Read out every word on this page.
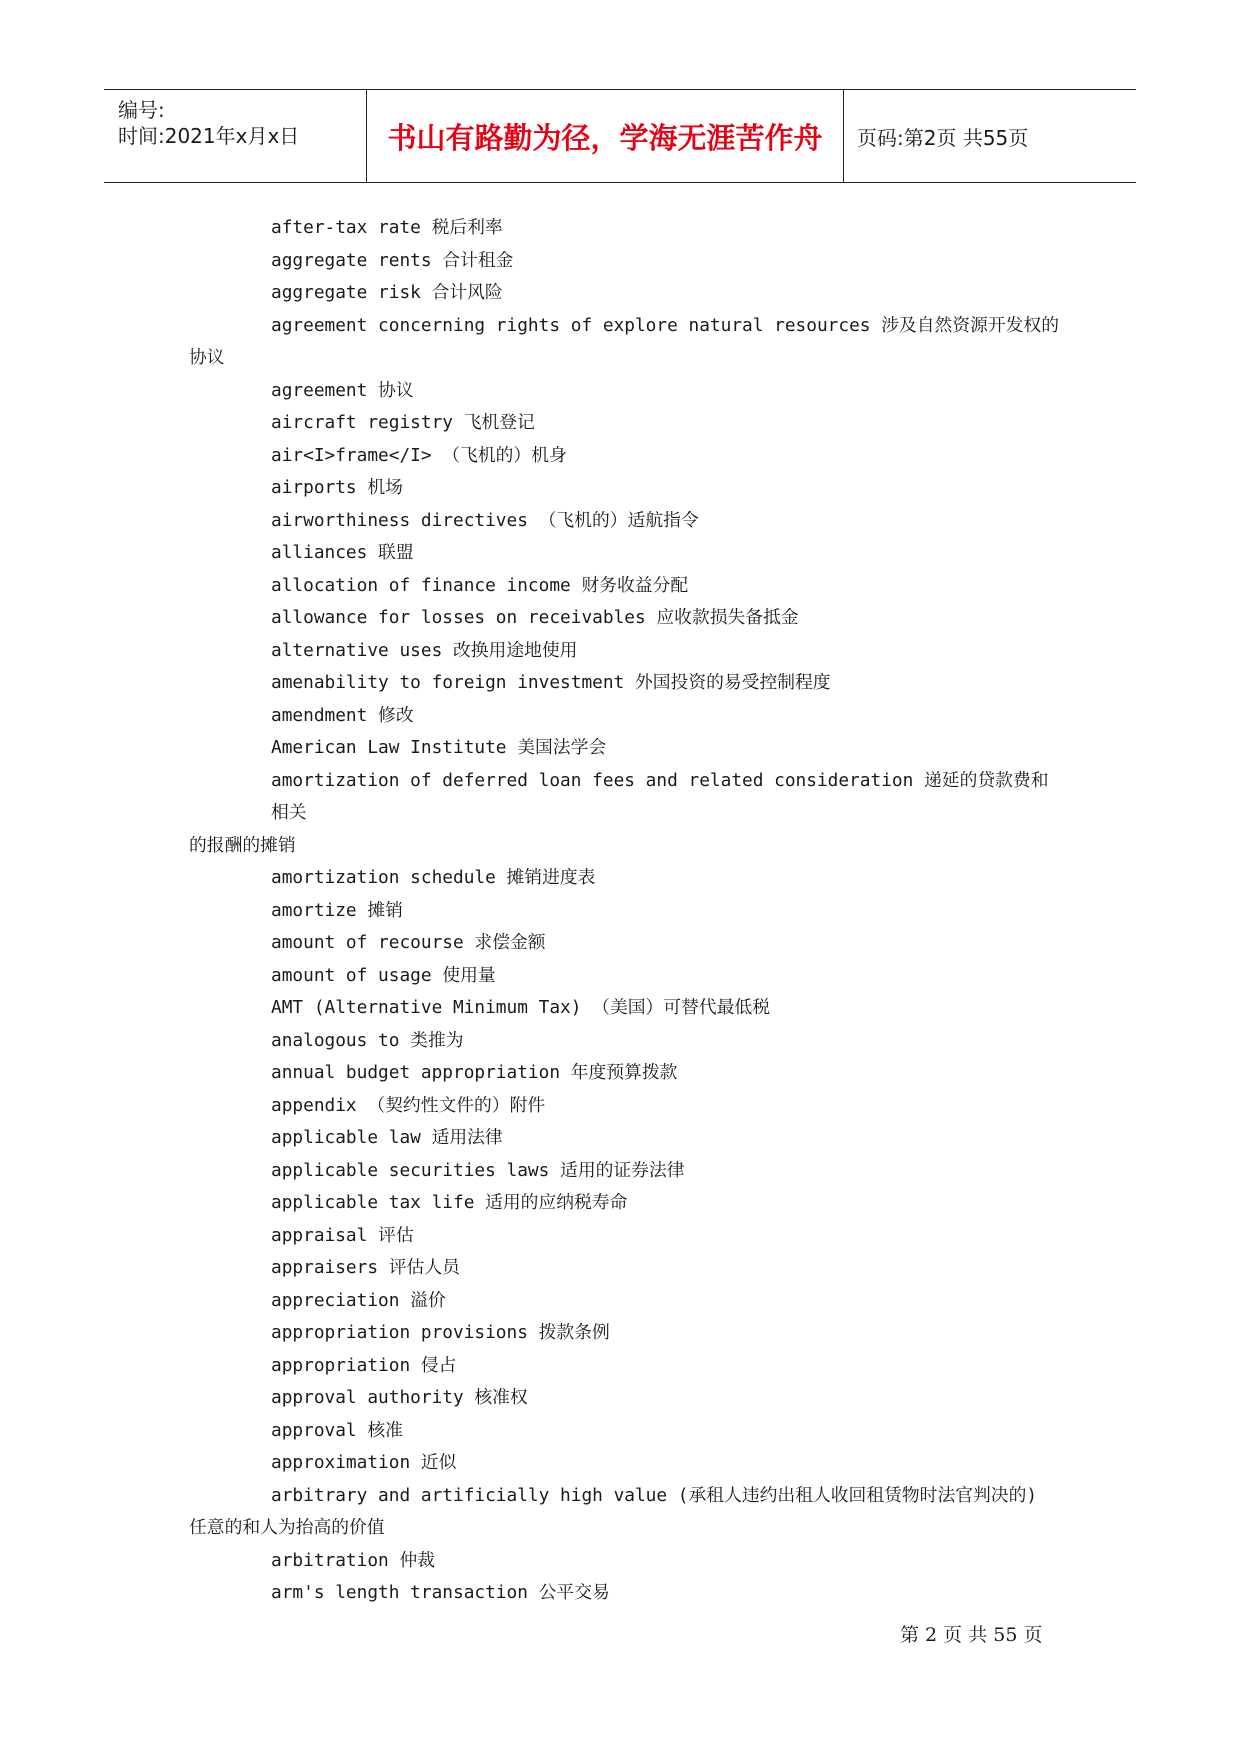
编号:
时间:2021年x月x日	书山有路勤为径，学海无涯苦作舟	页码:第2页 共55页

after-tax rate 税后利率

aggregate rents 合计租金

aggregate risk 合计风险

agreement concerning rights of explore natural resources 涉及自然资源开发权的
协议

agreement 协议

aircraft registry 飞机登记

air<I>frame</I> （飞机的）机身

airports 机场

airworthiness directives （飞机的）适航指令

alliances 联盟

allocation of finance income 财务收益分配

allowance for losses on receivables 应收款损失备抵金

alternative uses 改换用途地使用

amenability to foreign investment 外国投资的易受控制程度

amendment 修改

American Law Institute 美国法学会

amortization of deferred loan fees and related consideration 递延的贷款费和相关
的报酬的摊销

amortization schedule 摊销进度表

amortize 摊销

amount of recourse 求偿金额

amount of usage 使用量

AMT (Alternative Minimum Tax) （美国）可替代最低税

analogous to 类推为

annual budget appropriation 年度预算拨款

appendix （契约性文件的）附件

applicable law 适用法律

applicable securities laws 适用的证券法律

applicable tax life 适用的应纳税寿命

appraisal 评估

appraisers 评估人员

appreciation 溢价

appropriation provisions 拨款条例

appropriation 侵占

approval authority 核准权

approval 核准

approximation 近似

arbitrary and artificially high value (承租人违约出租人收回租赁物时法官判决的)
任意的和人为抬高的价值

arbitration 仲裁

arm's length transaction 公平交易

第 2 页 共 55 页
